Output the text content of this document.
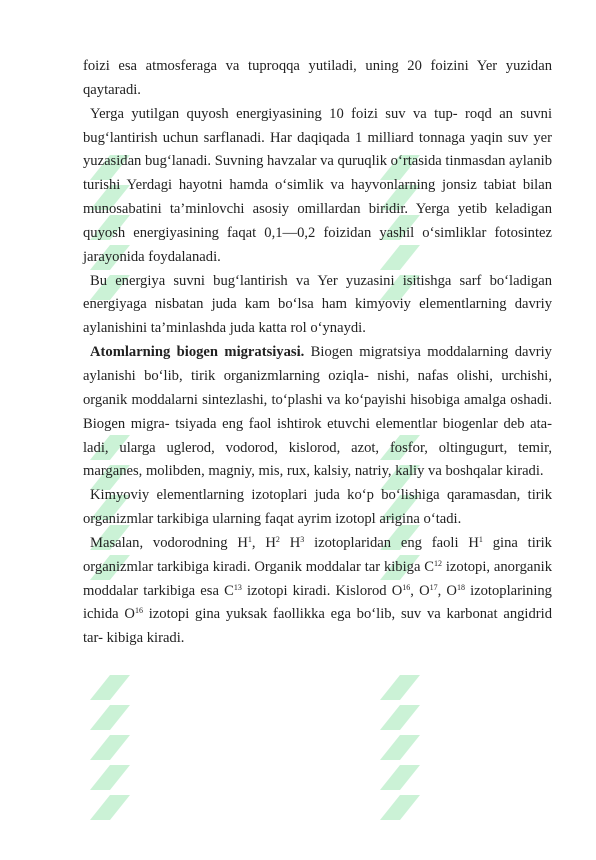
foizi esa atmosferaga va tuproqqa yutiladi, uning 20 foizini Yer yuzidan qaytaradi.

Yerga yutilgan quyosh energiyasining 10 foizi suv va tup- roqd an suvni bug‘lantirish uchun sarflanadi. Har daqiqada 1 milliard tonnaga yaqin suv yer yuzasidan bug‘lanadi. Suvning havzalar va quruqlik o‘rtasida tinmasdan aylanib turishi Yerdagi hayotni hamda o‘simlik va hayvonlarning jonsiz tabiat bilan munosabatini ta’minlovchi asosiy omillardan biridir. Yerga yetib keladigan quyosh energiyasining faqat 0,1—0,2 foizidan yashil o‘simliklar fotosintez jarayonida foydalanadi.

Bu energiya suvni bug‘lantirish va Yer yuzasini isitishga sarf bo‘ladigan energiyaga nisbatan juda kam bo‘lsa ham kimyoviy elementlarning davriy aylanishini ta’minlashda juda katta rol o‘ynaydi.

Atomlarning biogen migratsiyasi. Biogen migratsiya moddalarning davriy aylanishi bo‘lib, tirik organizmlarning oziqla- nishi, nafas olishi, urchishi, organik moddalarni sintezlashi, to‘plashi va ko‘payishi hisobiga amalga oshadi. Biogen migra- tsiyada eng faol ishtirok etuvchi elementlar biogenlar deb ata- ladi, ularga uglerod, vodorod, kislorod, azot, fosfor, oltingugurt, temir, marganes, molibden, magniy, mis, rux, kalsiy, natriy, kaliy va boshqalar kiradi.

Kimyoviy elementlarning izotoplari juda ko‘p bo‘lishiga qaramasdan, tirik organizmlar tarkibiga ularning faqat ayrim izotopl arigina o‘tadi.

Masalan, vodorodning $H^1$, $H^2$ $H^3$ izotoplaridan eng faoli $H^1$ gina tirik organizmlar tarkibiga kiradi. Organik moddalar tar kibiga $C^{12}$ izotopi, anorganik moddalar tarkibiga esa $C^{13}$ izotopi kiradi. Kislorod $O^{16}$, $O^{17}$, $O^{18}$ izotoplarining ichida $O^{16}$ izotopi gina yuksak faollikka ega bo‘lib, suv va karbonat angidrid tar- kibiga kiradi.
